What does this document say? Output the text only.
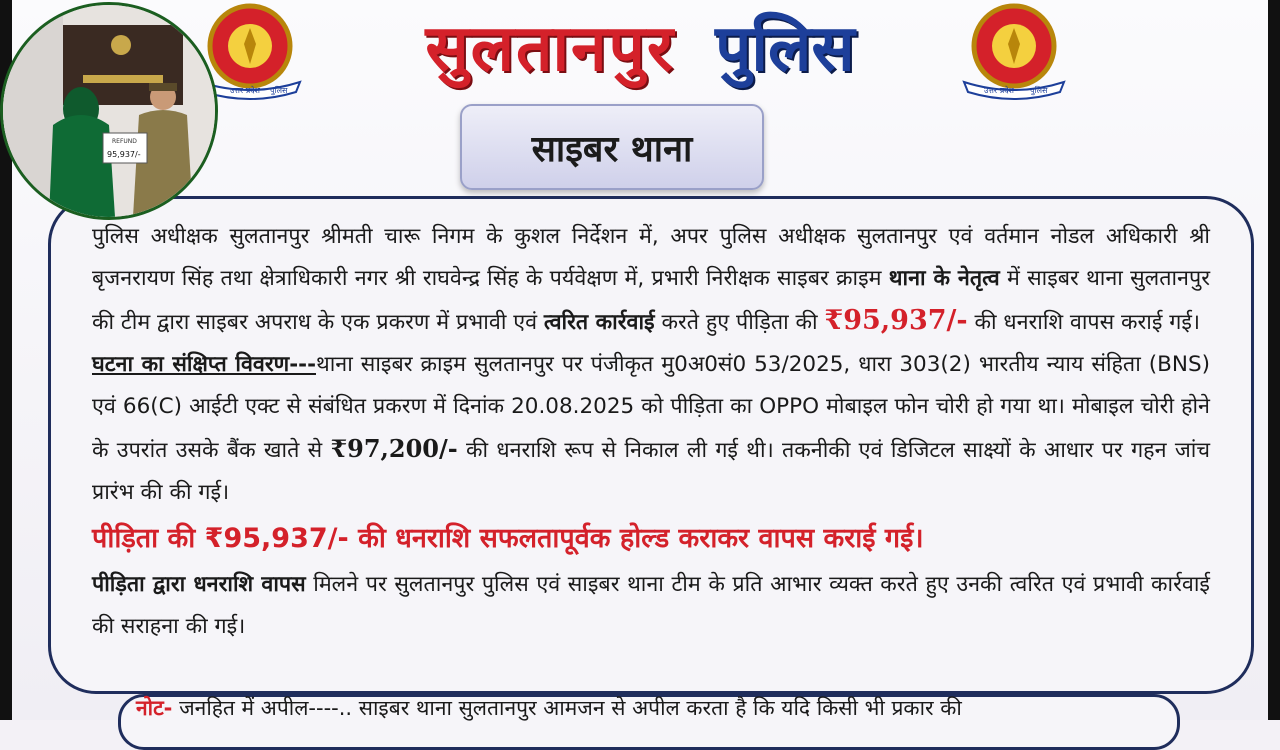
सुलतानपुर पुलिस
उत्तर प्रदेश पुलिस	उत्तर प्रदेश पुलिस
साइबर थाना

पुलिस अधीक्षक सुलतानपुर श्रीमती चारू निगम के कुशल निर्देशन में, अपर पुलिस अधीक्षक सुलतानपुर एवं वर्तमान नोडल अधिकारी श्री बृजनरायण सिंह तथा क्षेत्राधिकारी नगर श्री राघवेन्द्र सिंह के पर्यवेक्षण में, प्रभारी निरीक्षक साइबर क्राइम थाना के नेतृत्व में साइबर थाना सुलतानपुर की टीम द्वारा साइबर अपराध के एक प्रकरण में प्रभावी एवं त्वरित कार्रवाई करते हुए पीड़िता की ₹95,937/- की धनराशि वापस कराई गई।

घटना का संक्षिप्त विवरण---थाना साइबर क्राइम सुलतानपुर पर पंजीकृत मु0अ0सं0 53/2025, धारा 303(2) भारतीय न्याय संहिता (BNS) एवं 66(C) आईटी एक्ट से संबंधित प्रकरण में दिनांक 20.08.2025 को पीड़िता का OPPO मोबाइल फोन चोरी हो गया था। मोबाइल चोरी होने के उपरांत उसके बैंक खाते से ₹97,200/- की धनराशि रूप से निकाल ली गई थी। तकनीकी एवं डिजिटल साक्ष्यों के आधार पर गहन जांच प्रारंभ की की गई।

पीड़िता की ₹95,937/- की धनराशि सफलतापूर्वक होल्ड कराकर वापस कराई गई।

पीड़िता द्वारा धनराशि वापस मिलने पर सुलतानपुर पुलिस एवं साइबर थाना टीम के प्रति आभार व्यक्त करते हुए उनकी त्वरित एवं प्रभावी कार्रवाई की सराहना की गई।

नोट- जनहित में अपील----.. साइबर थाना सुलतानपुर आमजन से अपील करता है कि यदि किसी भी प्रकार की
REFUND
95,937/-
